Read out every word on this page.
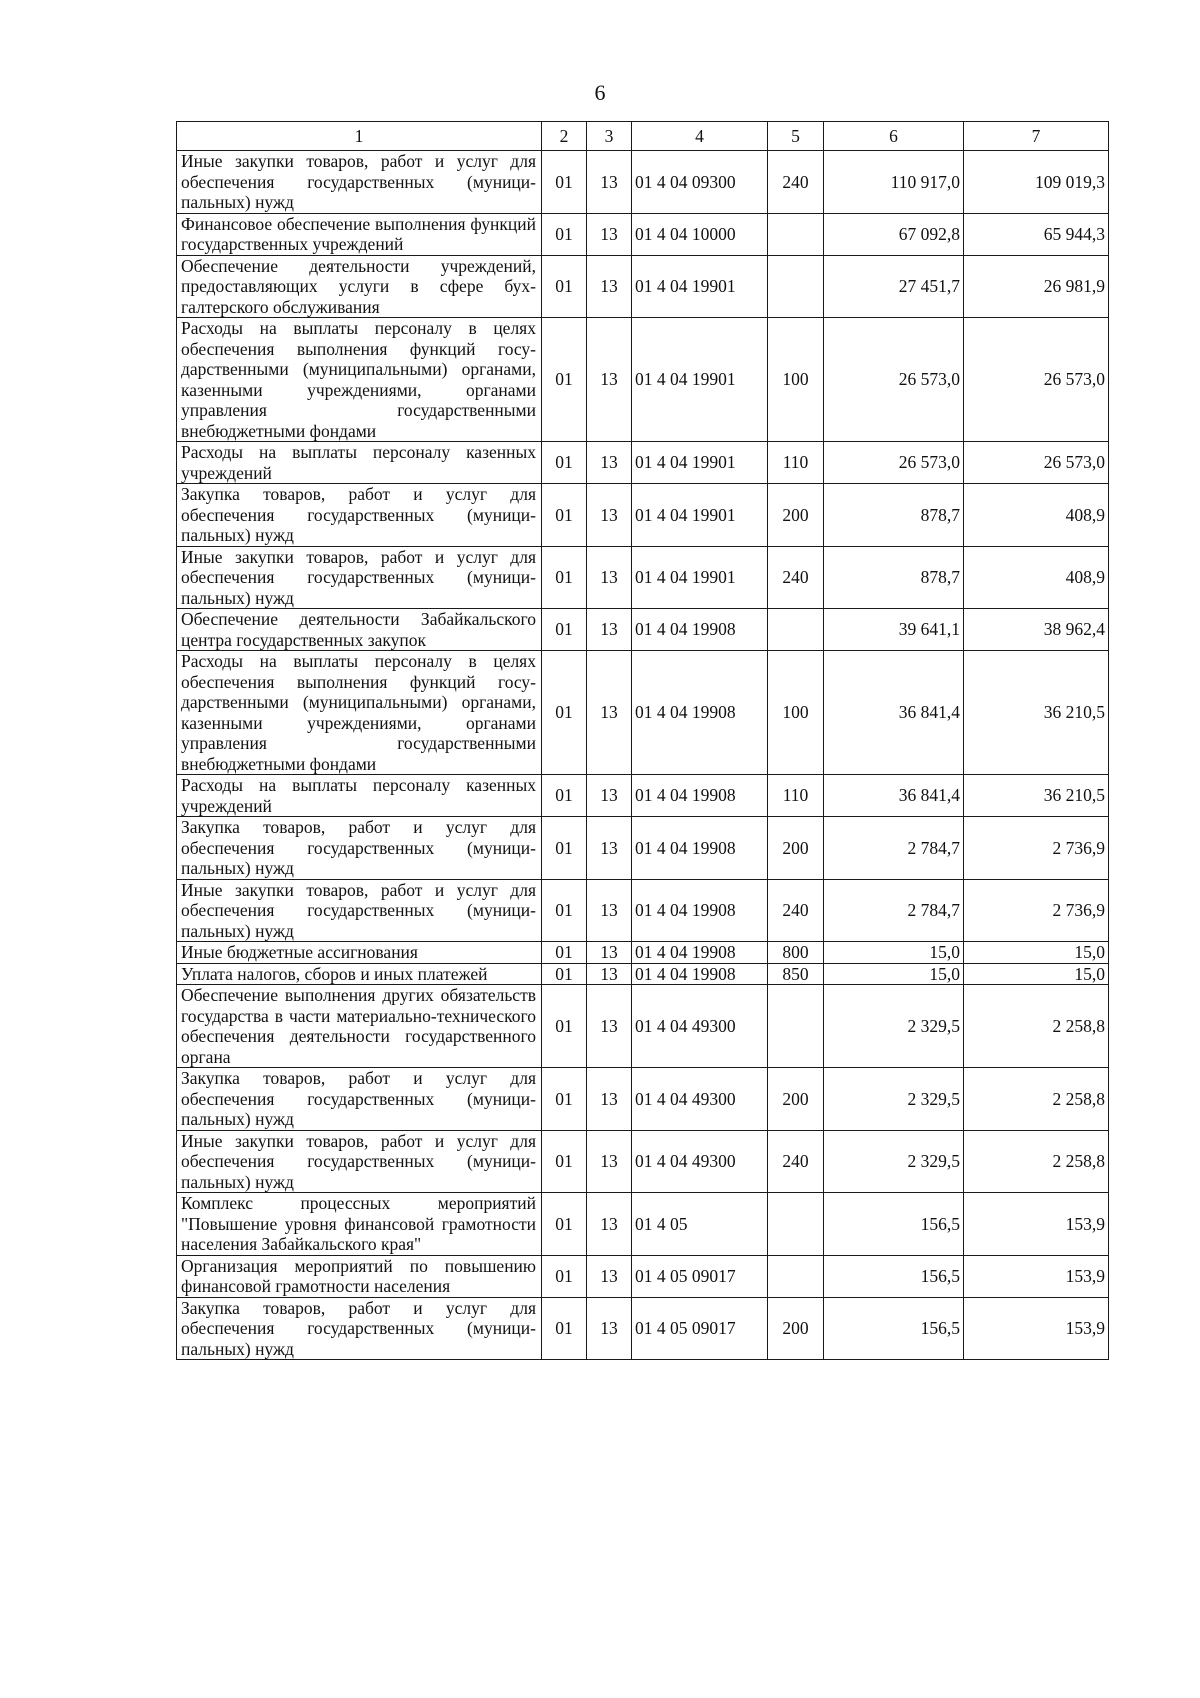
6
1	2	3	4	5	6	7
Иные закупки товаров, работ и услуг для обеспечения государственных (муниципальных) нужд	01	13	01 4 04 09300	240	110 917,0	109 019,3
Финансовое обеспечение выполнения функций государственных учреждений	01	13	01 4 04 10000		67 092,8	65 944,3
Обеспечение деятельности учреждений, предоставляющих услуги в сфере бухгалтерского обслуживания	01	13	01 4 04 19901		27 451,7	26 981,9
Расходы на выплаты персоналу в целях обеспечения выполнения функций государственными (муниципальными) органами, казенными учреждениями, органами управления государственными внебюджетными фондами	01	13	01 4 04 19901	100	26 573,0	26 573,0
Расходы на выплаты персоналу казенных учреждений	01	13	01 4 04 19901	110	26 573,0	26 573,0
Закупка товаров, работ и услуг для обеспечения государственных (муниципальных) нужд	01	13	01 4 04 19901	200	878,7	408,9
Иные закупки товаров, работ и услуг для обеспечения государственных (муниципальных) нужд	01	13	01 4 04 19901	240	878,7	408,9
Обеспечение деятельности Забайкальского центра государственных закупок	01	13	01 4 04 19908		39 641,1	38 962,4
Расходы на выплаты персоналу в целях обеспечения выполнения функций государственными (муниципальными) органами, казенными учреждениями, органами управления государственными внебюджетными фондами	01	13	01 4 04 19908	100	36 841,4	36 210,5
Расходы на выплаты персоналу казенных учреждений	01	13	01 4 04 19908	110	36 841,4	36 210,5
Закупка товаров, работ и услуг для обеспечения государственных (муниципальных) нужд	01	13	01 4 04 19908	200	2 784,7	2 736,9
Иные закупки товаров, работ и услуг для обеспечения государственных (муниципальных) нужд	01	13	01 4 04 19908	240	2 784,7	2 736,9
Иные бюджетные ассигнования	01	13	01 4 04 19908	800	15,0	15,0
Уплата налогов, сборов и иных платежей	01	13	01 4 04 19908	850	15,0	15,0
Обеспечение выполнения других обязательств государства в части материально-технического обеспечения деятельности государственного органа	01	13	01 4 04 49300		2 329,5	2 258,8
Закупка товаров, работ и услуг для обеспечения государственных (муниципальных) нужд	01	13	01 4 04 49300	200	2 329,5	2 258,8
Иные закупки товаров, работ и услуг для обеспечения государственных (муниципальных) нужд	01	13	01 4 04 49300	240	2 329,5	2 258,8
Комплекс процессных мероприятий "Повышение уровня финансовой грамотности населения Забайкальского края"	01	13	01 4 05		156,5	153,9
Организация мероприятий по повышению финансовой грамотности населения	01	13	01 4 05 09017		156,5	153,9
Закупка товаров, работ и услуг для обеспечения государственных (муниципальных) нужд	01	13	01 4 05 09017	200	156,5	153,9
